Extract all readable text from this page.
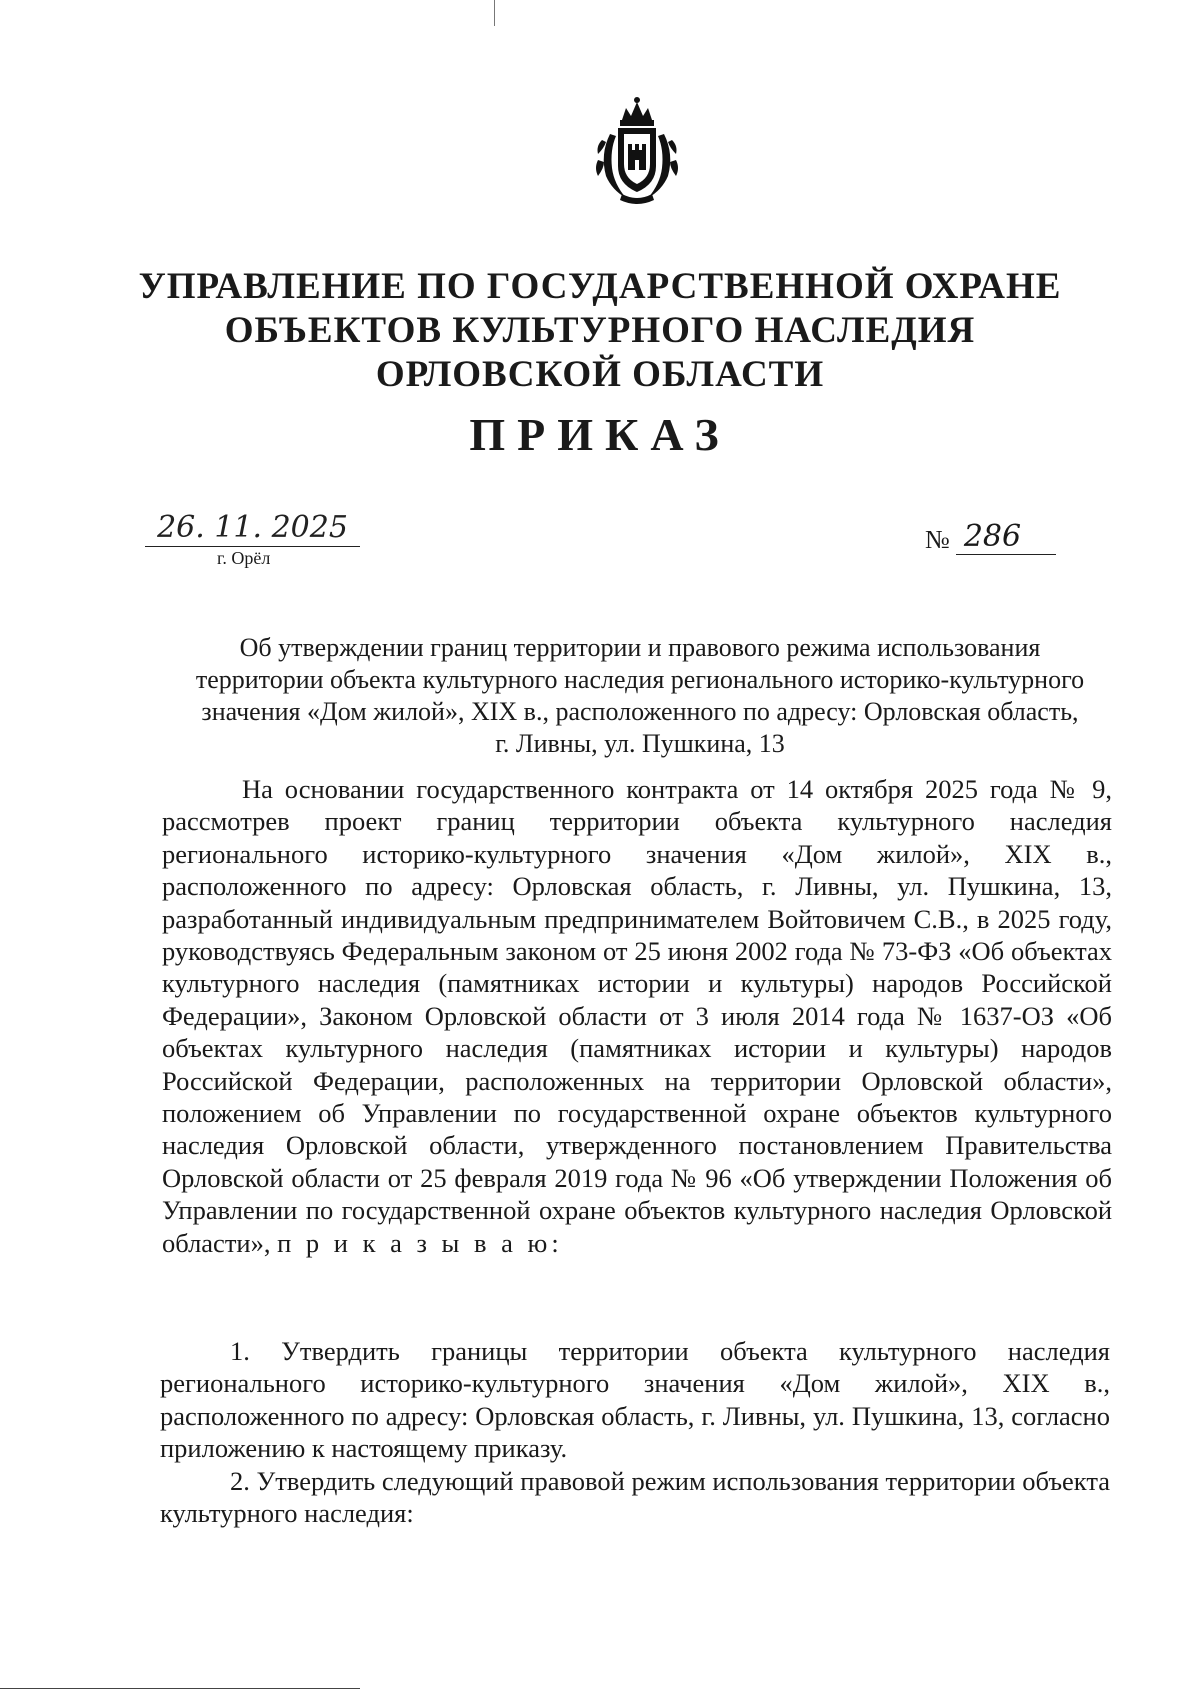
УПРАВЛЕНИЕ ПО ГОСУДАРСТВЕННОЙ ОХРАНЕ
ОБЪЕКТОВ КУЛЬТУРНОГО НАСЛЕДИЯ
ОРЛОВСКОЙ ОБЛАСТИ
ПРИКАЗ
26. 11. 2025
г. Орёл
№ 286
Об утверждении границ территории и правового режима использования
территории объекта культурного наследия регионального историко-культурного
значения «Дом жилой», XIX в., расположенного по адресу: Орловская область,
г. Ливны, ул. Пушкина, 13

На основании государственного контракта от 14 октября 2025 года № 9, рассмотрев проект границ территории объекта культурного наследия регионального историко-культурного значения «Дом жилой», XIX в., расположенного по адресу: Орловская область, г. Ливны, ул. Пушкина, 13, разработанный индивидуальным предпринимателем Войтовичем С.В., в 2025 году, руководствуясь Федеральным законом от 25 июня 2002 года № 73-ФЗ «Об объектах культурного наследия (памятниках истории и культуры) народов Российской Федерации», Законом Орловской области от 3 июля 2014 года № 1637-ОЗ «Об объектах культурного наследия (памятниках истории и культуры) народов Российской Федерации, расположенных на территории Орловской области», положением об Управлении по государственной охране объектов культурного наследия Орловской области, утвержденного постановлением Правительства Орловской области от 25 февраля 2019 года № 96 «Об утверждении Положения об Управлении по государственной охране объектов культурного наследия Орловской области», п р и к а з ы в а ю:

1. Утвердить границы территории объекта культурного наследия регионального историко-культурного значения «Дом жилой», XIX в., расположенного по адресу: Орловская область, г. Ливны, ул. Пушкина, 13, согласно приложению к настоящему приказу.

2. Утвердить следующий правовой режим использования территории объекта культурного наследия:
